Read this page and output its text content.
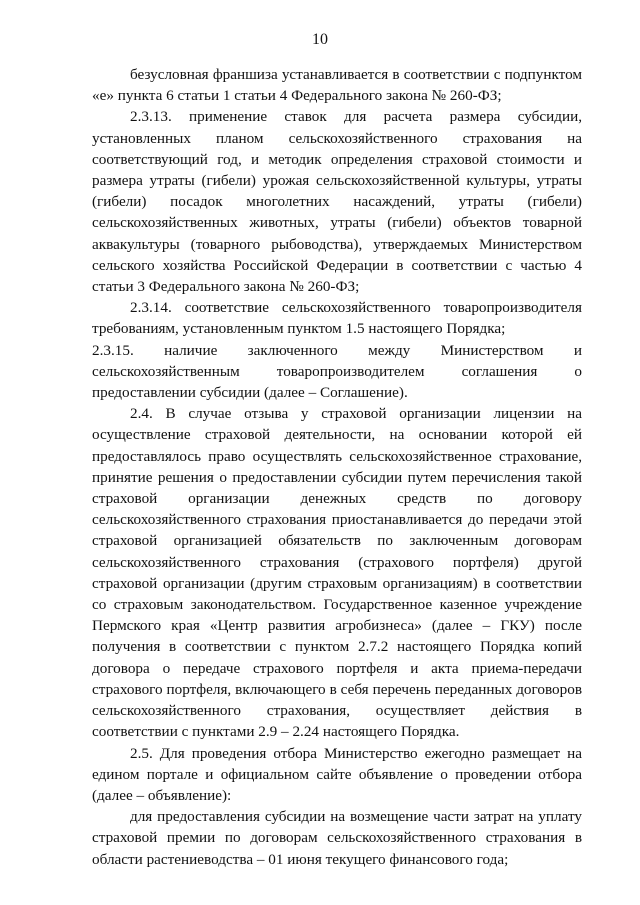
10

безусловная франшиза устанавливается в соответствии с подпунктом «е» пункта 6 статьи 1 статьи 4 Федерального закона № 260-ФЗ;

2.3.13. применение ставок для расчета размера субсидии, установленных планом сельскохозяйственного страхования на соответствующий год, и методик определения страховой стоимости и размера утраты (гибели) урожая сельскохозяйственной культуры, утраты (гибели) посадок многолетних насаждений, утраты (гибели) сельскохозяйственных животных, утраты (гибели) объектов товарной аквакультуры (товарного рыбоводства), утверждаемых Министерством сельского хозяйства Российской Федерации в соответствии с частью 4 статьи 3 Федерального закона № 260-ФЗ;

2.3.14. соответствие сельскохозяйственного товаропроизводителя требованиям, установленным пунктом 1.5 настоящего Порядка;

2.3.15. наличие заключенного между Министерством и сельскохозяйственным товаропроизводителем соглашения о предоставлении субсидии (далее – Соглашение).

2.4. В случае отзыва у страховой организации лицензии на осуществление страховой деятельности, на основании которой ей предоставлялось право осуществлять сельскохозяйственное страхование, принятие решения о предоставлении субсидии путем перечисления такой страховой организации денежных средств по договору сельскохозяйственного страхования приостанавливается до передачи этой страховой организацией обязательств по заключенным договорам сельскохозяйственного страхования (страхового портфеля) другой страховой организации (другим страховым организациям) в соответствии со страховым законодательством. Государственное казенное учреждение Пермского края «Центр развития агробизнеса» (далее – ГКУ) после получения в соответствии с пунктом 2.7.2 настоящего Порядка копий договора о передаче страхового портфеля и акта приема-передачи страхового портфеля, включающего в себя перечень переданных договоров сельскохозяйственного страхования, осуществляет действия в соответствии с пунктами 2.9 – 2.24 настоящего Порядка.

2.5. Для проведения отбора Министерство ежегодно размещает на едином портале и официальном сайте объявление о проведении отбора (далее – объявление):

для предоставления субсидии на возмещение части затрат на уплату страховой премии по договорам сельскохозяйственного страхования в области растениеводства – 01 июня текущего финансового года;
